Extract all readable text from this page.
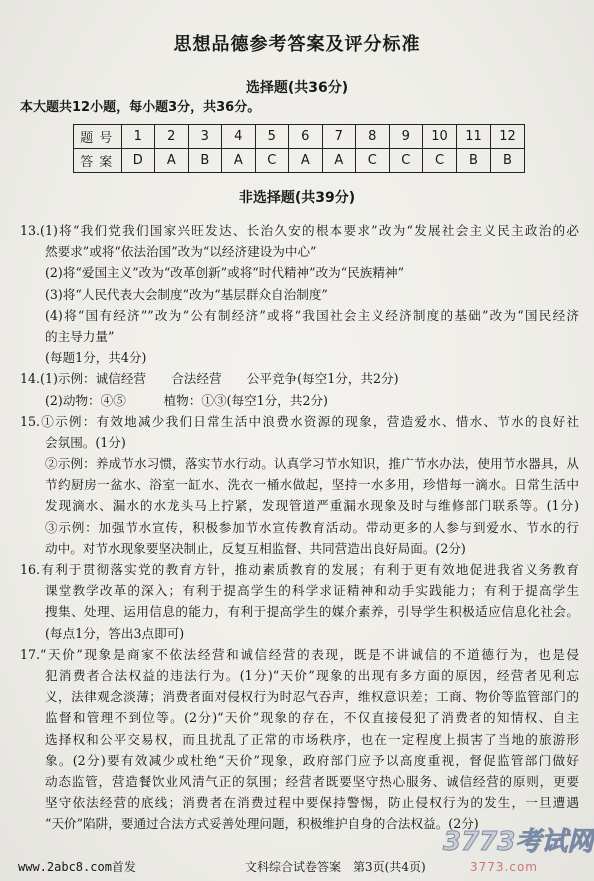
思想品德参考答案及评分标准
选择题(共36分)
本大题共12小题，每小题3分，共36分。
题号	1	2	3	4	5	6	7	8	9	10	11	12
答案	D	A	B	A	C	A	A	C	C	C	B	B
非选择题(共39分)
13.(1)将“我们党我们国家兴旺发达、长治久安的根本要求”改为“发展社会主义民主政治的必
然要求”或将“依法治国”改为“以经济建设为中心”
(2)将“爱国主义”改为“改革创新”或将“时代精神”改为“民族精神”
(3)将“人民代表大会制度”改为“基层群众自治制度”
(4)将“国有经济””改为“公有制经济”或将“我国社会主义经济制度的基础”改为“国民经济
的主导力量”
(每题1分，共4分)
14.(1)示例：诚信经营　　合法经营　　公平竞争(每空1分，共2分)
(2)动物：④⑤　　　植物：①③(每空1分，共2分)
15.①示例：有效地减少我们日常生活中浪费水资源的现象，营造爱水、惜水、节水的良好社
会氛围。(1分)
②示例：养成节水习惯，落实节水行动。认真学习节水知识，推广节水办法，使用节水器具，从
节约厨房一盆水、浴室一缸水、洗衣一桶水做起，坚持一水多用，珍惜每一滴水。日常生活中
发现滴水、漏水的水龙头马上拧紧，发现管道严重漏水现象及时与维修部门联系等。(1分)
③示例：加强节水宣传，积极参加节水宣传教育活动。带动更多的人参与到爱水、节水的行
动中。对节水现象要坚决制止，反复互相监督、共同营造出良好局面。(2分)
16.有利于贯彻落实党的教育方针，推动素质教育的发展；有利于更有效地促进我省义务教育
课堂教学改革的深入；有利于提高学生的科学求证精神和动手实践能力；有利于提高学生
搜集、处理、运用信息的能力，有利于提高学生的媒介素养，引导学生积极适应信息化社会。
(每点1分，答出3点即可)
17.“天价”现象是商家不依法经营和诚信经营的表现，既是不讲诚信的不道德行为，也是侵
犯消费者合法权益的违法行为。(1分)“天价”现象的出现有多方面的原因，经营者见利忘
义，法律观念淡薄；消费者面对侵权行为时忍气吞声，维权意识差；工商、物价等监管部门的
监督和管理不到位等。(2分)“天价”现象的存在，不仅直接侵犯了消费者的知情权、自主
选择权和公平交易权，而且扰乱了正常的市场秩序，也在一定程度上损害了当地的旅游形
象。(2分)要有效减少或杜绝“天价”现象，政府部门应予以高度重视，督促监管部门做好
动态监管，营造餐饮业风清气正的氛围；经营者既要坚守热心服务、诚信经营的原则，更要
坚守依法经营的底线；消费者在消费过程中要保持警惕，防止侵权行为的发生，一旦遭遇
“天价”陷阱，要通过合法方式妥善处理问题，积极维护自身的合法权益。(2分)
3773考试网
3773.com
www.2abc8.com首发	文科综合试卷答案　第3页(共4页)
